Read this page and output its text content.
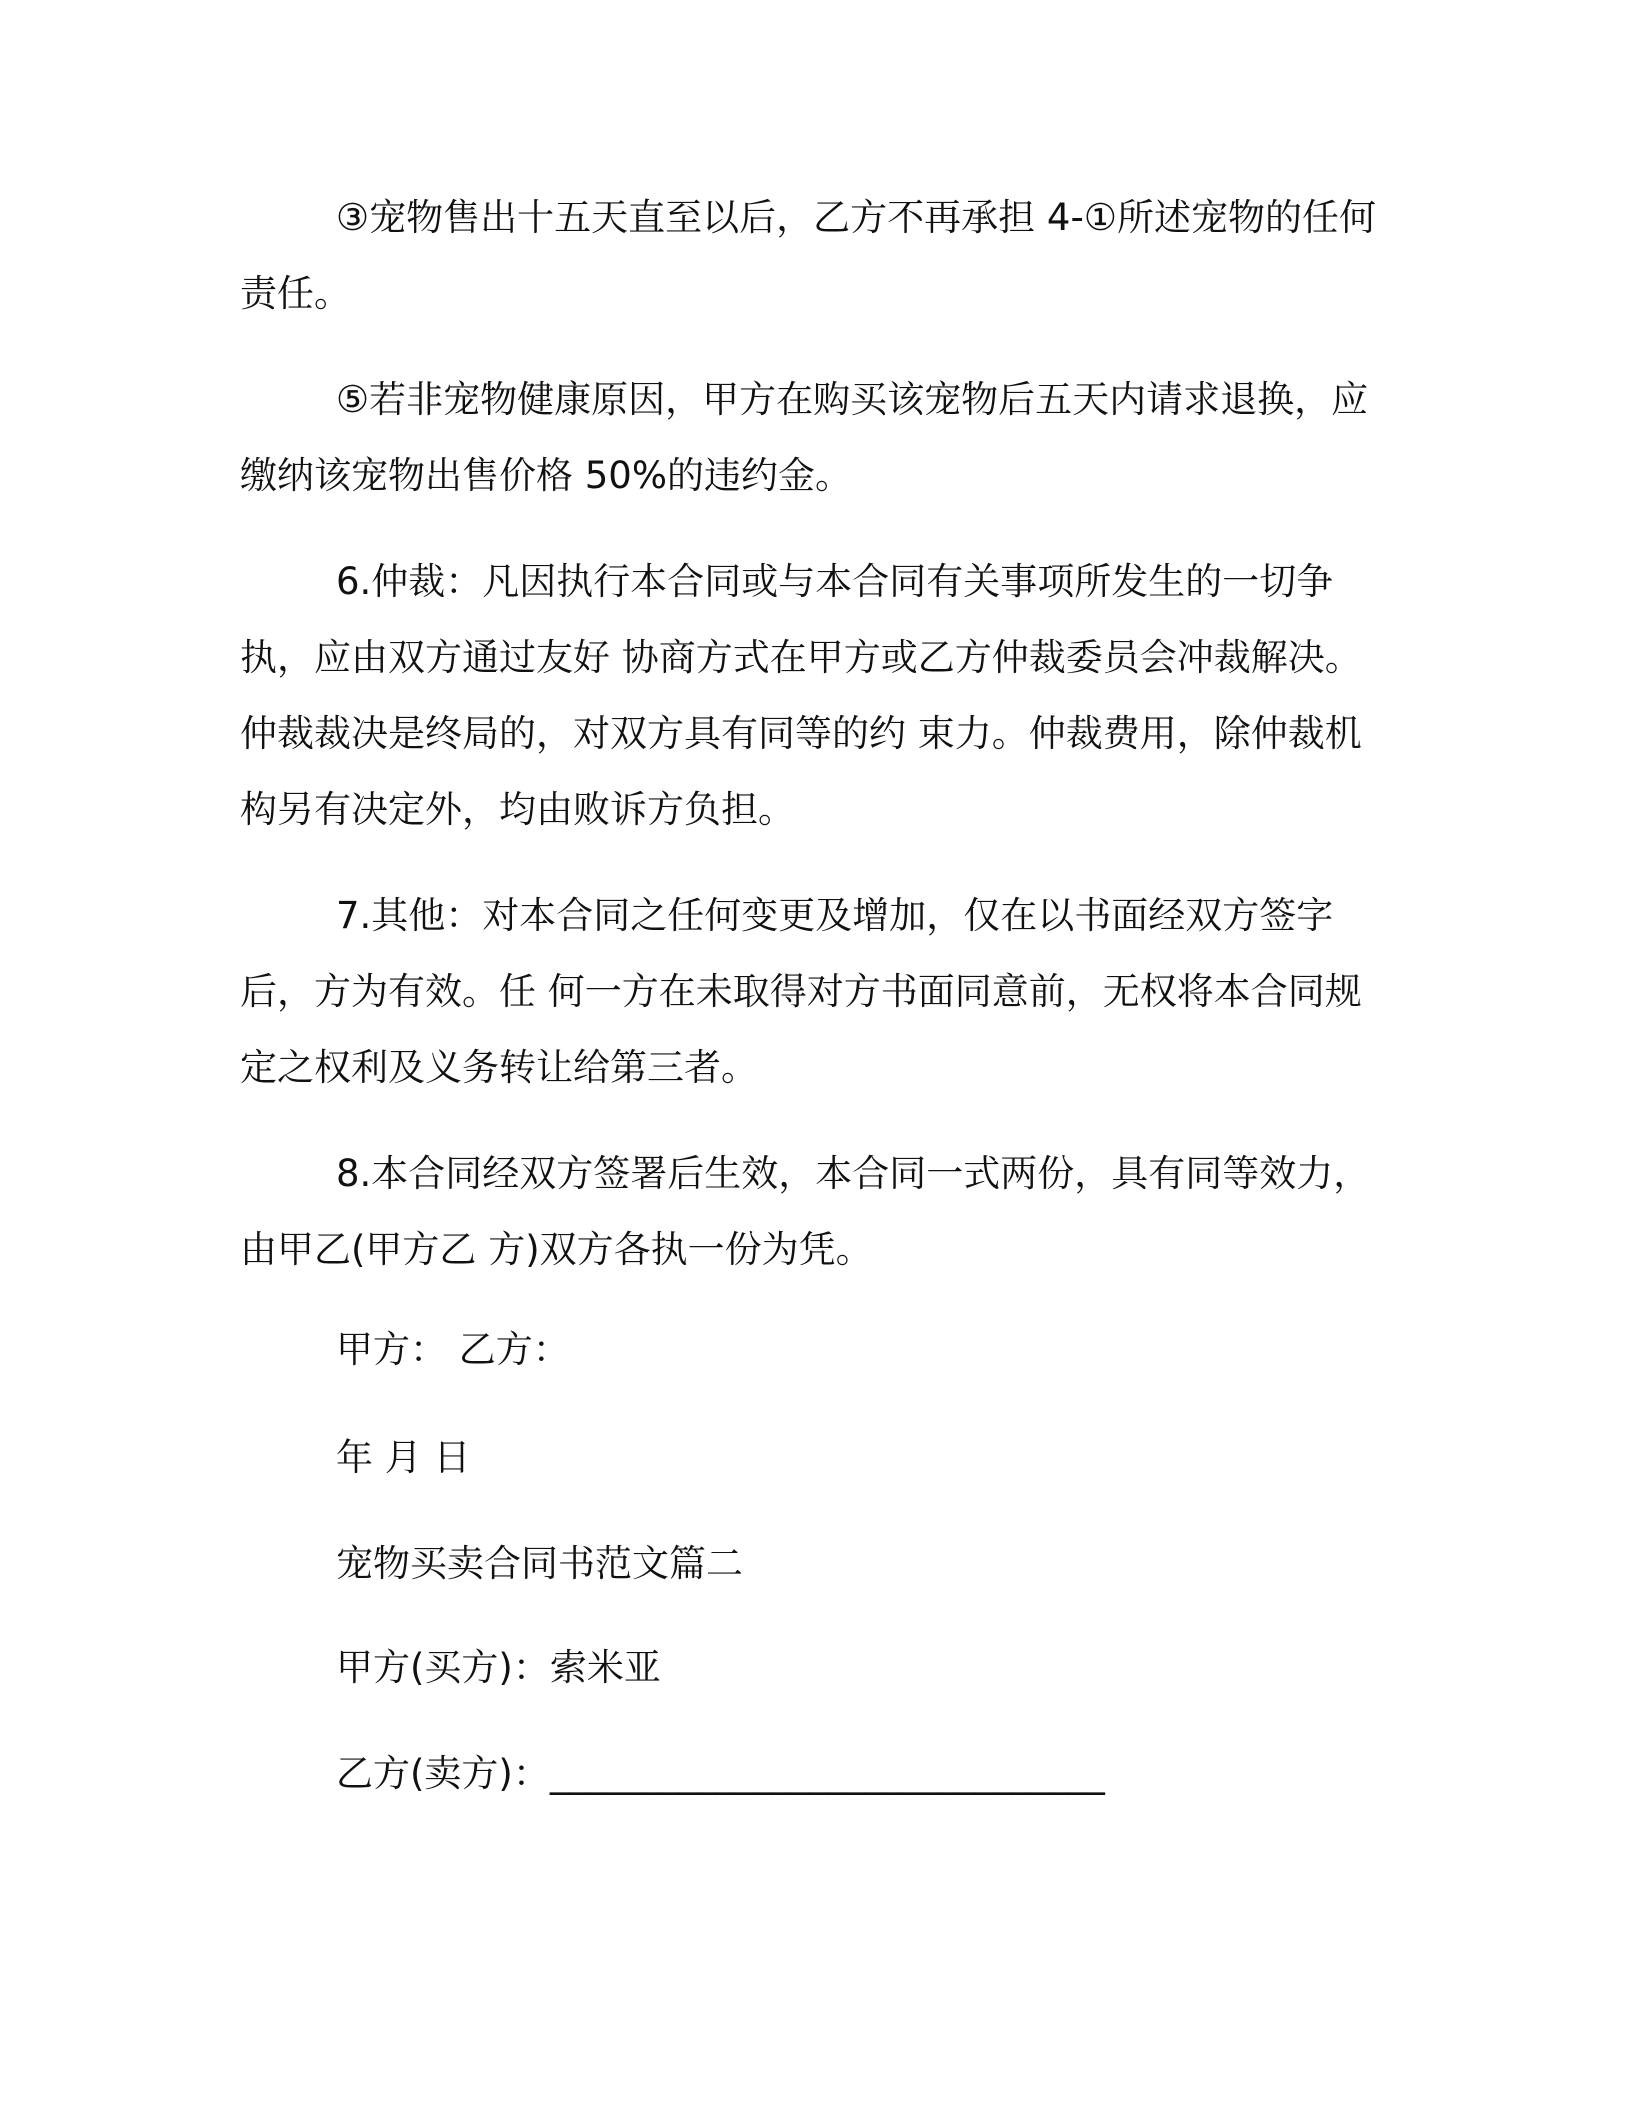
③宠物售出十五天直至以后，乙方不再承担 4-①所述宠物的任何责任。

⑤若非宠物健康原因，甲方在购买该宠物后五天内请求退换，应缴纳该宠物出售价格 50%的违约金。

6.仲裁：凡因执行本合同或与本合同有关事项所发生的一切争执，应由双方通过友好 协商方式在甲方或乙方仲裁委员会冲裁解决。仲裁裁决是终局的，对双方具有同等的约 束力。仲裁费用，除仲裁机构另有决定外，均由败诉方负担。

7.其他：对本合同之任何变更及增加，仅在以书面经双方签字后，方为有效。任 何一方在未取得对方书面同意前，无权将本合同规定之权利及义务转让给第三者。

8.本合同经双方签署后生效，本合同一式两份，具有同等效力，由甲乙(甲方乙 方)双方各执一份为凭。

甲方： 乙方：

年 月 日

宠物买卖合同书范文篇二

甲方(买方)：索米亚

乙方(卖方)：______________________________
